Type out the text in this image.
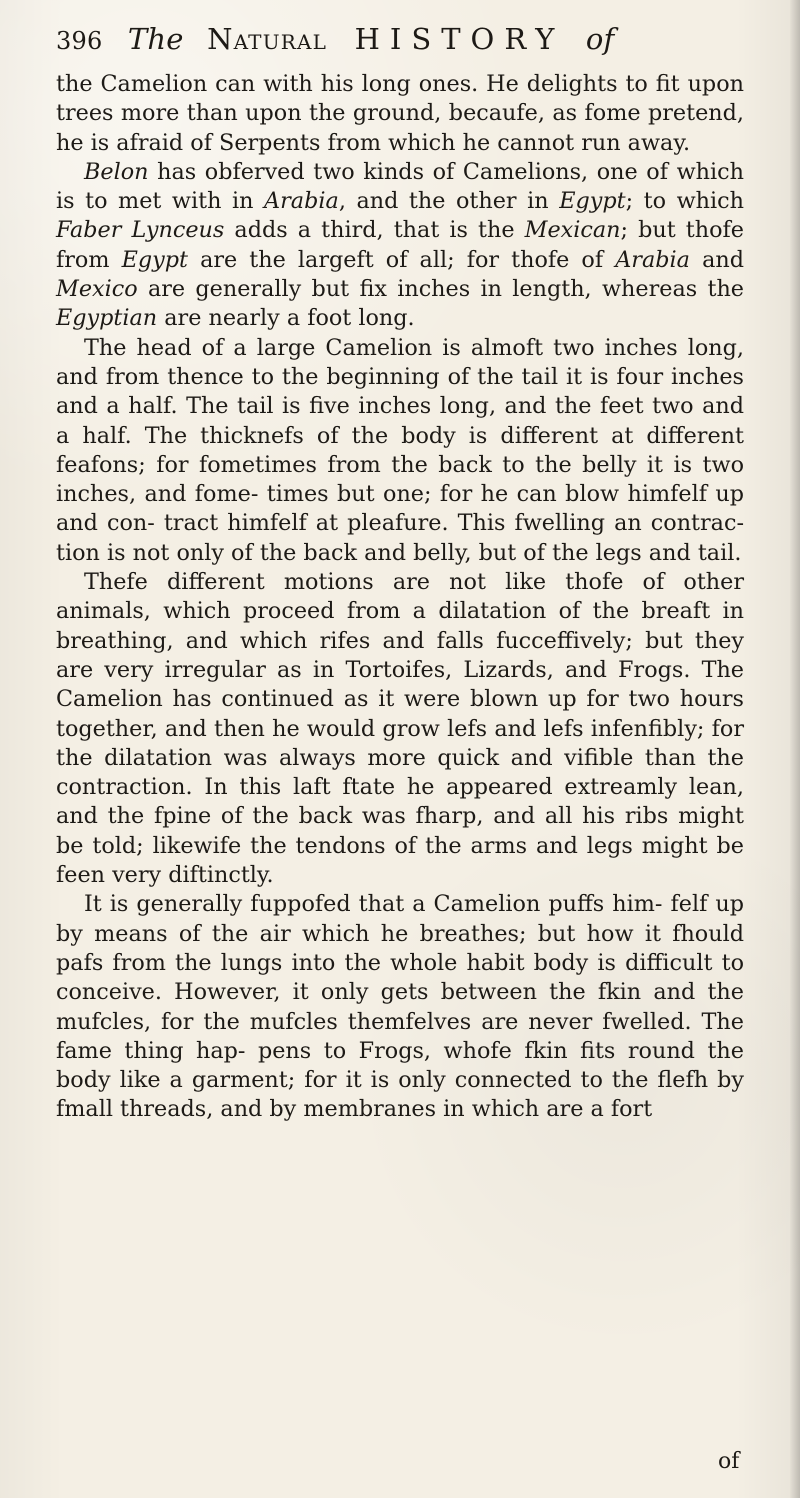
396 The Natural HISTORY of

the Camelion can with his long ones. He delights to fit upon trees more than upon the ground, becaufe, as fome pretend, he is afraid of Serpents from which he cannot run away.

Belon has obferved two kinds of Camelions, one of which is to met with in Arabia, and the other in Egypt; to which Faber Lynceus adds a third, that is the Mexican; but thofe from Egypt are the largeft of all; for thofe of Arabia and Mexico are generally but fix inches in length, whereas the Egyptian are nearly a foot long.

The head of a large Camelion is almoft two inches long, and from thence to the beginning of the tail it is four inches and a half. The tail is five inches long, and the feet two and a half. The thicknefs of the body is different at different feafons; for fometimes from the back to the belly it is two inches, and fome- times but one; for he can blow himfelf up and con- tract himfelf at pleafure. This fwelling an contrac- tion is not only of the back and belly, but of the legs and tail.

Thefe different motions are not like thofe of other animals, which proceed from a dilatation of the breaft in breathing, and which rifes and falls fucceffively; but they are very irregular as in Tortoifes, Lizards, and Frogs. The Camelion has continued as it were blown up for two hours together, and then he would grow lefs and lefs infenfibly; for the dilatation was always more quick and vifible than the contraction. In this laft ftate he appeared extreamly lean, and the fpine of the back was fharp, and all his ribs might be told; likewife the tendons of the arms and legs might be feen very diftinctly.

It is generally fuppofed that a Camelion puffs him- felf up by means of the air which he breathes; but how it fhould pafs from the lungs into the whole habit body is difficult to conceive. However, it only gets between the fkin and the mufcles, for the mufcles themfelves are never fwelled. The fame thing hap- pens to Frogs, whofe fkin fits round the body like a garment; for it is only connected to the flefh by fmall threads, and by membranes in which are a fort

of
